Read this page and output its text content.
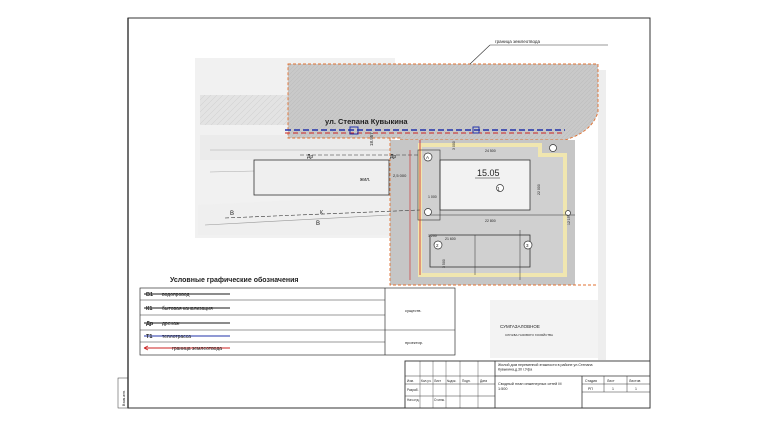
жил.
15.05
1
А
2	3
ул. Степана Кувыкина
18.957
2,5 000
Др	Др
В
В
К
24 500
22 000
22 800
3 000
21 600
3 500
12 197
1 000
1 200
СУМГАЗАЛОВНОЕ
СЛУЖБА ГАЗОВОГО ХОЗЯЙСТВА
граница землеотвода
Условные графические обозначения
В1 водопровод
К1 бытовая канализация
Др дренаж
Т1 теплотрасса
граница землеотвода
существ.
проектир.
Изм. Кол.уч. Лист №док. Подп.	Дата
Разраб.
Ст.инж.
Нач.отд.
Жилой дом переменной этажности в районе ул.Степана Кувыкина,д.30 г.Уфа
Сводный план инженерных сетей М 1:500
Стадия	Лист	Листов
РП	1	1
Взам.инв.
